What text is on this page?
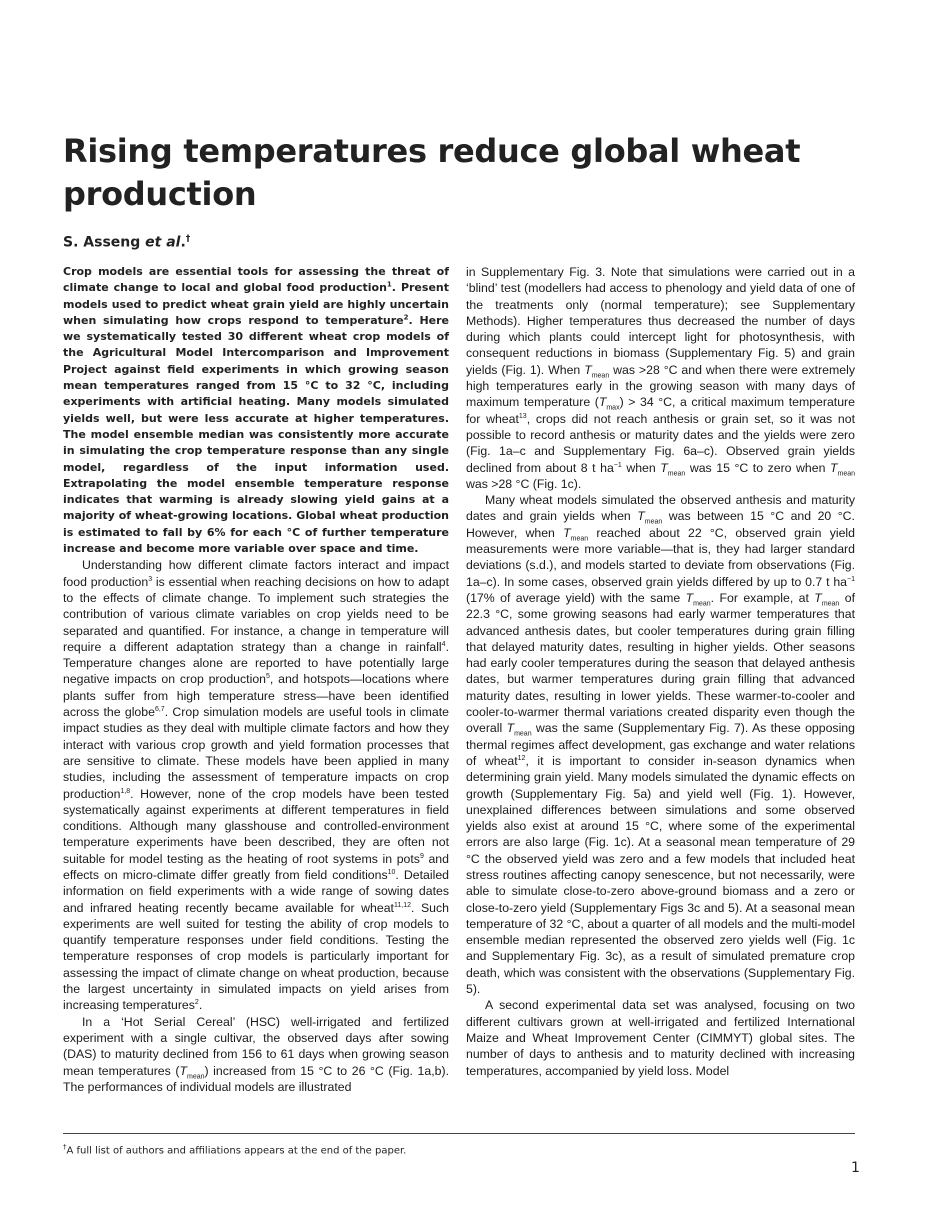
Rising temperatures reduce global wheat production
S. Asseng et al.†

Crop models are essential tools for assessing the threat of climate change to local and global food production$^1$. Present models used to predict wheat grain yield are highly uncertain when simulating how crops respond to temperature$^2$. Here we systematically tested 30 different wheat crop models of the Agricultural Model Intercomparison and Improvement Project against field experiments in which growing season mean temperatures ranged from 15 °C to 32 °C, including experiments with artificial heating. Many models simulated yields well, but were less accurate at higher temperatures. The model ensemble median was consistently more accurate in simulating the crop temperature response than any single model, regardless of the input information used. Extrapolating the model ensemble temperature response indicates that warming is already slowing yield gains at a majority of wheat-growing locations. Global wheat production is estimated to fall by 6% for each °C of further temperature increase and become more variable over space and time.

Understanding how different climate factors interact and impact food production$^3$ is essential when reaching decisions on how to adapt to the effects of climate change. To implement such strategies the contribution of various climate variables on crop yields need to be separated and quantified. For instance, a change in temperature will require a different adaptation strategy than a change in rainfall$^4$. Temperature changes alone are reported to have potentially large negative impacts on crop production$^5$, and hotspots—locations where plants suffer from high temperature stress—have been identified across the globe$^{6,7}$. Crop simulation models are useful tools in climate impact studies as they deal with multiple climate factors and how they interact with various crop growth and yield formation processes that are sensitive to climate. These models have been applied in many studies, including the assessment of temperature impacts on crop production$^{1,8}$. However, none of the crop models have been tested systematically against experiments at different temperatures in field conditions. Although many glasshouse and controlled-environment temperature experiments have been described, they are often not suitable for model testing as the heating of root systems in pots$^9$ and effects on micro-climate differ greatly from field conditions$^{10}$. Detailed information on field experiments with a wide range of sowing dates and infrared heating recently became available for wheat$^{11,12}$. Such experiments are well suited for testing the ability of crop models to quantify temperature responses under field conditions. Testing the temperature responses of crop models is particularly important for assessing the impact of climate change on wheat production, because the largest uncertainty in simulated impacts on yield arises from increasing temperatures$^2$.

In a ‘Hot Serial Cereal’ (HSC) well-irrigated and fertilized experiment with a single cultivar, the observed days after sowing (DAS) to maturity declined from 156 to 61 days when growing season mean temperatures $(T_{mean})$ increased from 15 °C to 26 °C (Fig. 1a,b). The performances of individual models are illustrated

in Supplementary Fig. 3. Note that simulations were carried out in a ‘blind’ test (modellers had access to phenology and yield data of one of the treatments only (normal temperature); see Supplementary Methods). Higher temperatures thus decreased the number of days during which plants could intercept light for photosynthesis, with consequent reductions in biomass (Supplementary Fig. 5) and grain yields (Fig. 1). When $T_{mean}$ was >28 °C and when there were extremely high temperatures early in the growing season with many days of maximum temperature $(T_{max}) > 34$ °C, a critical maximum temperature for wheat$^{13}$, crops did not reach anthesis or grain set, so it was not possible to record anthesis or maturity dates and the yields were zero (Fig. 1a–c and Supplementary Fig. 6a–c). Observed grain yields declined from about 8 t $ha^{-1}$ when $T_{mean}$ was 15 °C to zero when $T_{mean}$ was >28 °C (Fig. 1c).

Many wheat models simulated the observed anthesis and maturity dates and grain yields when $T_{mean}$ was between 15 °C and 20 °C. However, when $T_{mean}$ reached about 22 °C, observed grain yield measurements were more variable—that is, they had larger standard deviations (s.d.), and models started to deviate from observations (Fig. 1a–c). In some cases, observed grain yields differed by up to 0.7 t $ha^{-1}$ (17% of average yield) with the same $T_{mean}$. For example, at $T_{mean}$ of 22.3 °C, some growing seasons had early warmer temperatures that advanced anthesis dates, but cooler temperatures during grain filling that delayed maturity dates, resulting in higher yields. Other seasons had early cooler temperatures during the season that delayed anthesis dates, but warmer temperatures during grain filling that advanced maturity dates, resulting in lower yields. These warmer-to-cooler and cooler-to-warmer thermal variations created disparity even though the overall $T_{mean}$ was the same (Supplementary Fig. 7). As these opposing thermal regimes affect development, gas exchange and water relations of wheat$^{12}$, it is important to consider in-season dynamics when determining grain yield. Many models simulated the dynamic effects on growth (Supplementary Fig. 5a) and yield well (Fig. 1). However, unexplained differences between simulations and some observed yields also exist at around 15 °C, where some of the experimental errors are also large (Fig. 1c). At a seasonal mean temperature of 29 °C the observed yield was zero and a few models that included heat stress routines affecting canopy senescence, but not necessarily, were able to simulate close-to-zero above-ground biomass and a zero or close-to-zero yield (Supplementary Figs 3c and 5). At a seasonal mean temperature of 32 °C, about a quarter of all models and the multi-model ensemble median represented the observed zero yields well (Fig. 1c and Supplementary Fig. 3c), as a result of simulated premature crop death, which was consistent with the observations (Supplementary Fig. 5).

A second experimental data set was analysed, focusing on two different cultivars grown at well-irrigated and fertilized International Maize and Wheat Improvement Center (CIMMYT) global sites. The number of days to anthesis and to maturity declined with increasing temperatures, accompanied by yield loss. Model

†A full list of authors and affiliations appears at the end of the paper.
1
